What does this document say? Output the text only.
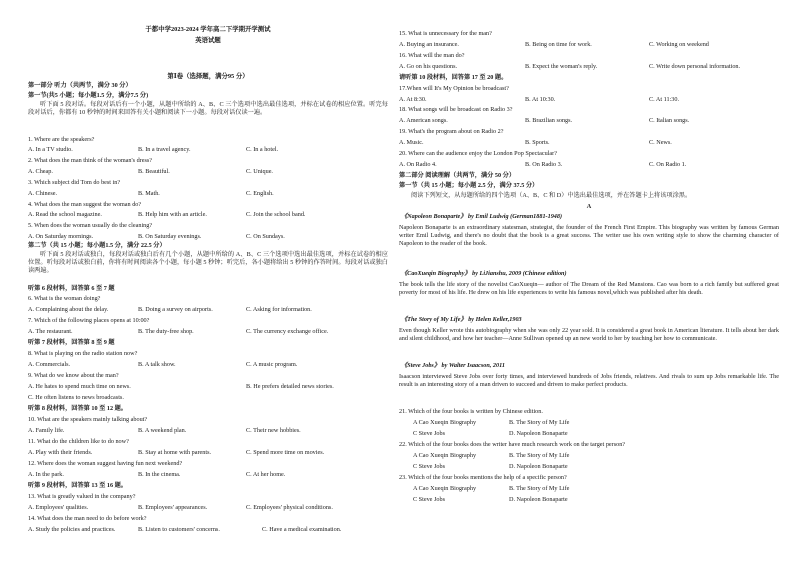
于都中学2023-2024 学年高二下学期开学测试
英语试题
第Ⅰ卷（选择题，满分95 分）
第一部分 听力（共两节，满分 30 分）
第一节(共5 小题；每小题1.5 分，满分7.5 分)
听下面 5 段对话。每段对话后有一个小题，从题中所给的 A、B、C 三个选项中选出最佳选项，并标在试卷的相应位置。听完每段对话后，你都有 10 秒钟的时间来回答有关小题和阅读下一小题。每段对话仅读一遍。
1. Where are the speakers?
A. In a TV studio.	B. In a travel agency.	C. In a hotel.
2. What does the man think of the woman's dress?
A. Cheap.	B. Beautiful.	C. Unique.
3. Which subject did Tom do best in?
A. Chinese.	B. Math.	C. English.
4. What does the man suggest the woman do?
A. Read the school magazine.	B. Help him with an article.	C. Join the school band.
5. When does the woman usually do the cleaning?
A. On Saturday mornings.	B. On Saturday evenings.	C. On Sundays.
第二节（共 15 小题；每小题1.5 分，满分 22.5 分）
听下面 5 段对话或独白，每段对话或独白后有几个小题，从题中所给的 A、B、C 三个选项中选出最佳选项，并标在试卷的相应位置。听每段对话或独白前，你将有时间阅读各个小题，每小题 5 秒钟；听完后，各小题将给出 5 秒钟的作答时间。每段对话或独白读两遍。
听第 6 段材料，回答第 6 至 7 题
6. What is the woman doing?
A. Complaining about the delay.	B. Doing a survey on airports.	C. Asking for information.
7. Which of the following places opens at 10:00?
A. The restaurant.	B. The duty-free shop.	C. The currency exchange office.
听第 7 段材料，回答第 8 至 9 题
8. What is playing on the radio station now?
A. Commercials.	B. A talk show.	C. A music program.
9. What do we know about the man?
A. He hates to spend much time on news.	B. He prefers detailed news stories.
C. He often listens to news broadcasts.
听第 8 段材料，回答第 10 至 12 题。
10. What are the speakers mainly talking about?
A. Family life.	B. A weekend plan.	C. Their new hobbies.
11. What do the children like to do now?
A. Play with their friends.	B. Stay at home with parents.	C. Spend more time on movies.
12. Where does the woman suggest having fun next weekend?
A. In the park.	B. In the cinema.	C. At her home.
听第 9 段材料，回答第 13 至 16 题。
13. What is greatly valued in the company?
A. Employees' qualities.	B. Employees' appearances.	C. Employees' physical conditions.
14. What does the man need to do before work?
A. Study the policies and practices.	B. Listen to customers' concerns.	C. Have a medical examination.
15. What is unnecessary for the man?
A. Buying an insurance.	B. Being on time for work.	C. Working on weekend
16. What will the man do?
A. Go on his questions.	B. Expect the woman's reply.	C. Write down personal information.
请听第 10 段材料，回答第 17 至 20 题。
17.When will It's My Opinion be broadcast?
A. At 8:30.	B. At 10:30.	C. At 11:30.
18. What songs will be broadcast on Radio 3?
A. American songs.	B. Brazilian songs.	C. Italian songs.
19. What's the program about on Radio 2?
A. Music.	B. Sports.	C. News.
20. Where can the audience enjoy the London Pop Spectacular?
A. On Radio 4.	B. On Radio 3.	C. On Radio 1.
第二部分 阅读理解（共两节，满分 50 分）
第一节（共 15 小题；每小题 2.5 分，满分 37.5 分）
阅读下列短文，从每题所给的四个选项（A、B、C 和 D）中选出最佳选项，并在答题卡上将该项涂黑。
A
《Napoleon Bonaparte》 by Emil Ludwig (German1881-1948)
Napoleon Bonaparte is an extraordinary statesman, strategist, the founder of the French First Empire. This biography was written by famous German writer Emil Ludwig, and there's no doubt that the book is a great success. The writer use his own writing style to show the charming character of Napoleon to the reader of the book.
《CaoXueqin Biography》 by LiJianshu, 2009 (Chinese edition)
The book tells the life story of the novelist CaoXueqin— author of The Dream of the Red Mansions. Cao was born to a rich family but suffered great poverty for most of his life. He drew on his life experiences to write his famous novel,which was published after his death.
《The Story of My Life》 by Helen Keller,1903
Even though Keller wrote this autobiography when she was only 22 year sold. It is considered a great book in American literature. It tells about her dark and silent childhood, and how her teacher—Anne Sullivan opened up an new world to her by teaching her how to communicate.
《Steve Jobs》 by Walter Isaacson, 2011
Isaacson interviewed Steve Jobs over forty times, and interviewed hundreds of Jobs friends, relatives. And rivals to sum up Jobs remarkable life. The result is an interesting story of a man driven to succeed and driven to make perfect products.
21. Which of the four books is written by Chinese edition.
A Cao Xueqin Biography	B. The Story of My Life
C Steve Jobs	D. Napoleon Bonaparte
22. Which of the four books does the writer have much research work on the target person?
A Cao Xueqin Biography	B. The Story of My Life
C Steve Jobs	D. Napoleon Bonaparte
23. Which of the four books mentions the help of a specific person?
A Cao Xueqin Biography	B. The Story of My Life
C Steve Jobs	D. Napoleon Bonaparte
